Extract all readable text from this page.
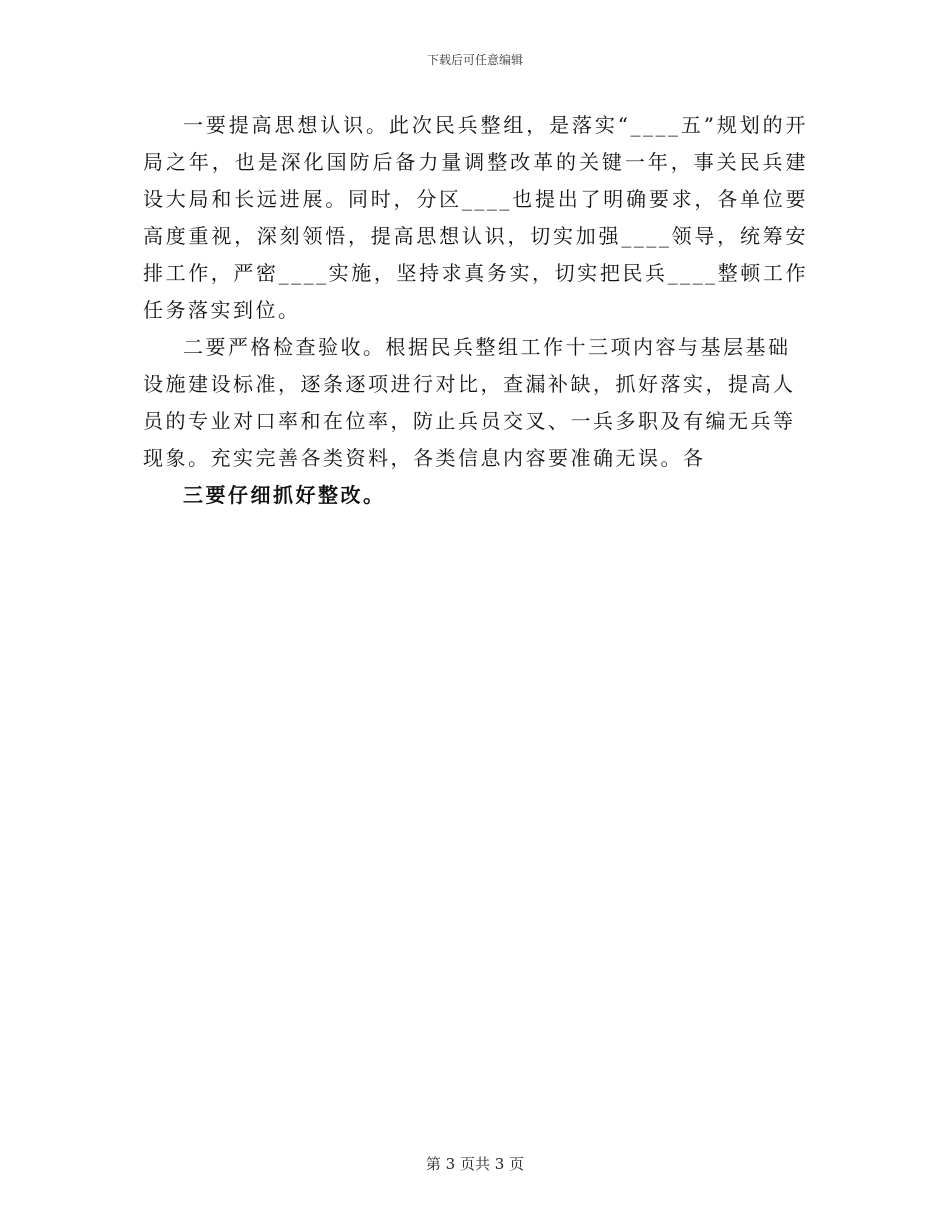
下载后可任意编辑

一要提高思想认识。此次民兵整组，是落实“____五”规划的开局之年，也是深化国防后备力量调整改革的关键一年，事关民兵建设大局和长远进展。同时，分区____也提出了明确要求，各单位要高度重视，深刻领悟，提高思想认识，切实加强____领导，统筹安排工作，严密____实施，坚持求真务实，切实把民兵____整顿工作任务落实到位。

二要严格检查验收。根据民兵整组工作十三项内容与基层基础设施建设标准，逐条逐项进行对比，查漏补缺，抓好落实，提高人员的专业对口率和在位率，防止兵员交叉、一兵多职及有编无兵等现象。充实完善各类资料，各类信息内容要准确无误。各

三要仔细抓好整改。

第 3 页共 3 页
